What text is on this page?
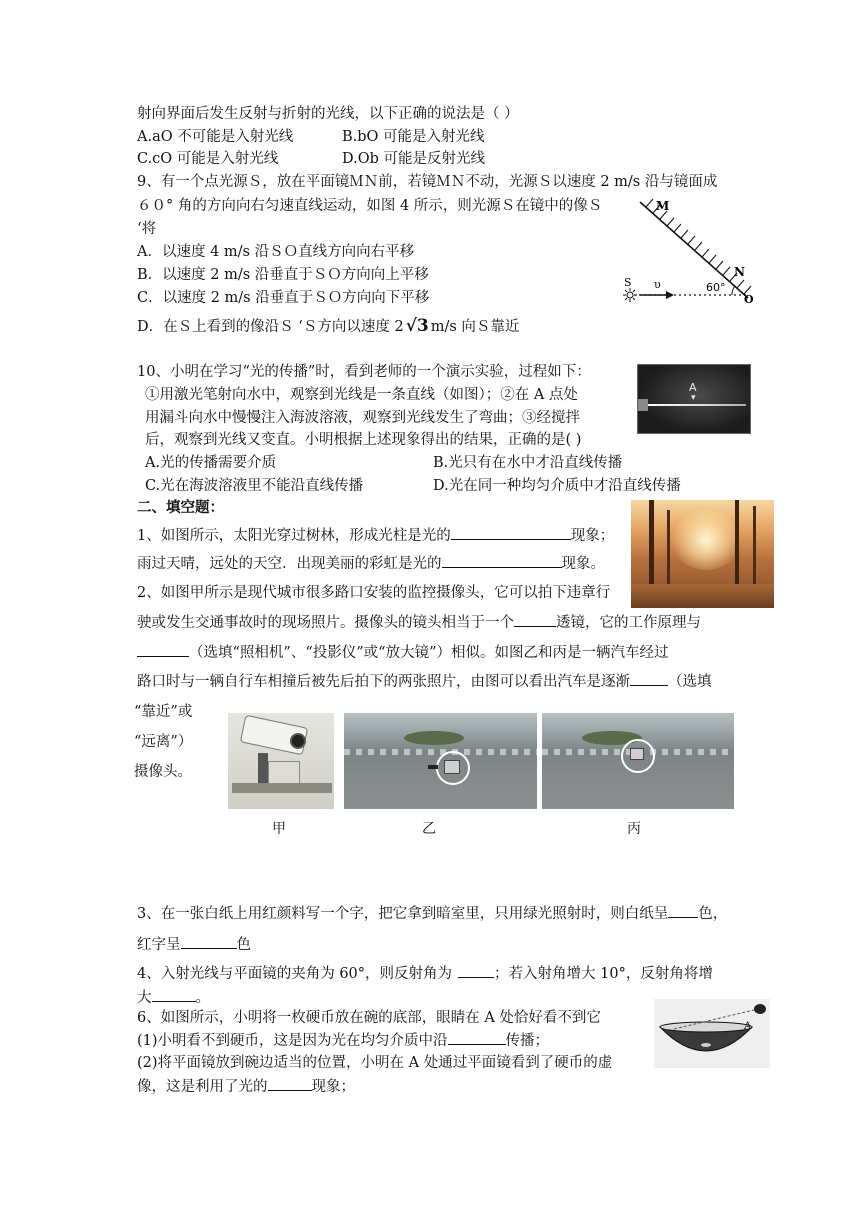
射向界面后发生反射与折射的光线，以下正确的说法是（ ）
A.aO 不可能是入射光线	B.bO 可能是入射光线
C.cO 可能是入射光线	D.Ob 可能是反射光线
9、有一个点光源Ｓ，放在平面镜ＭＮ前，若镜ＭＮ不动，光源Ｓ以速度 2 m/s 沿与镜面成
６０° 角的方向向右匀速直线运动，如图 4 所示，则光源Ｓ在镜中的像Ｓ
‘将
A．以速度 4 m/s 沿ＳＯ直线方向向右平移
B．以速度 2 m/s 沿垂直于ＳＯ方向向上平移
C．以速度 2 m/s 沿垂直于ＳＯ方向向下平移
D．在Ｓ上看到的像沿Ｓ ‘Ｓ方向以速度 2 √3 m/s 向Ｓ靠近
M
N
S υ	60°
O
10、小明在学习“光的传播”时，看到老师的一个演示实验，过程如下：
①用激光笔射向水中，观察到光线是一条直线（如图）；②在 A 点处
用漏斗向水中慢慢注入海波溶液，观察到光线发生了弯曲；③经搅拌
后，观察到光线又变直。小明根据上述现象得出的结果，正确的是( )
A.光的传播需要介质	B.光只有在水中才沿直线传播
C.光在海波溶液里不能沿直线传播	D.光在同一种均匀介质中才沿直线传播
A
▾
二、填空题：
1、如图所示，太阳光穿过树林，形成光柱是光的	现象；
雨过天晴，远处的天空．出现美丽的彩虹是光的	现象。
2、如图甲所示是现代城市很多路口安装的监控摄像头，它可以拍下违章行
驶或发生交通事故时的现场照片。摄像头的镜头相当于一个	透镜，它的工作原理与
（选填“照相机”、“投影仪”或“放大镜”）相似。如图乙和丙是一辆汽车经过
路口时与一辆自行车相撞后被先后拍下的两张照片，由图可以看出汽车是逐渐	（选填
“靠近”或
“远离”）
摄像头。
甲	乙	丙
3、在一张白纸上用红颜料写一个字，把它拿到暗室里，只用绿光照射时，则白纸呈 色，
红字呈	色
4、入射光线与平面镜的夹角为 60°，则反射角为	；若入射角增大 10°，反射角将增
大	。
6、如图所示，小明将一枚硬币放在碗的底部，眼睛在 A 处恰好看不到它
(1)小明看不到硬币，这是因为光在均匀介质中沿	传播；
(2)将平面镜放到碗边适当的位置，小明在 A 处通过平面镜看到了硬币的虚
像，这是利用了光的	现象；
A
